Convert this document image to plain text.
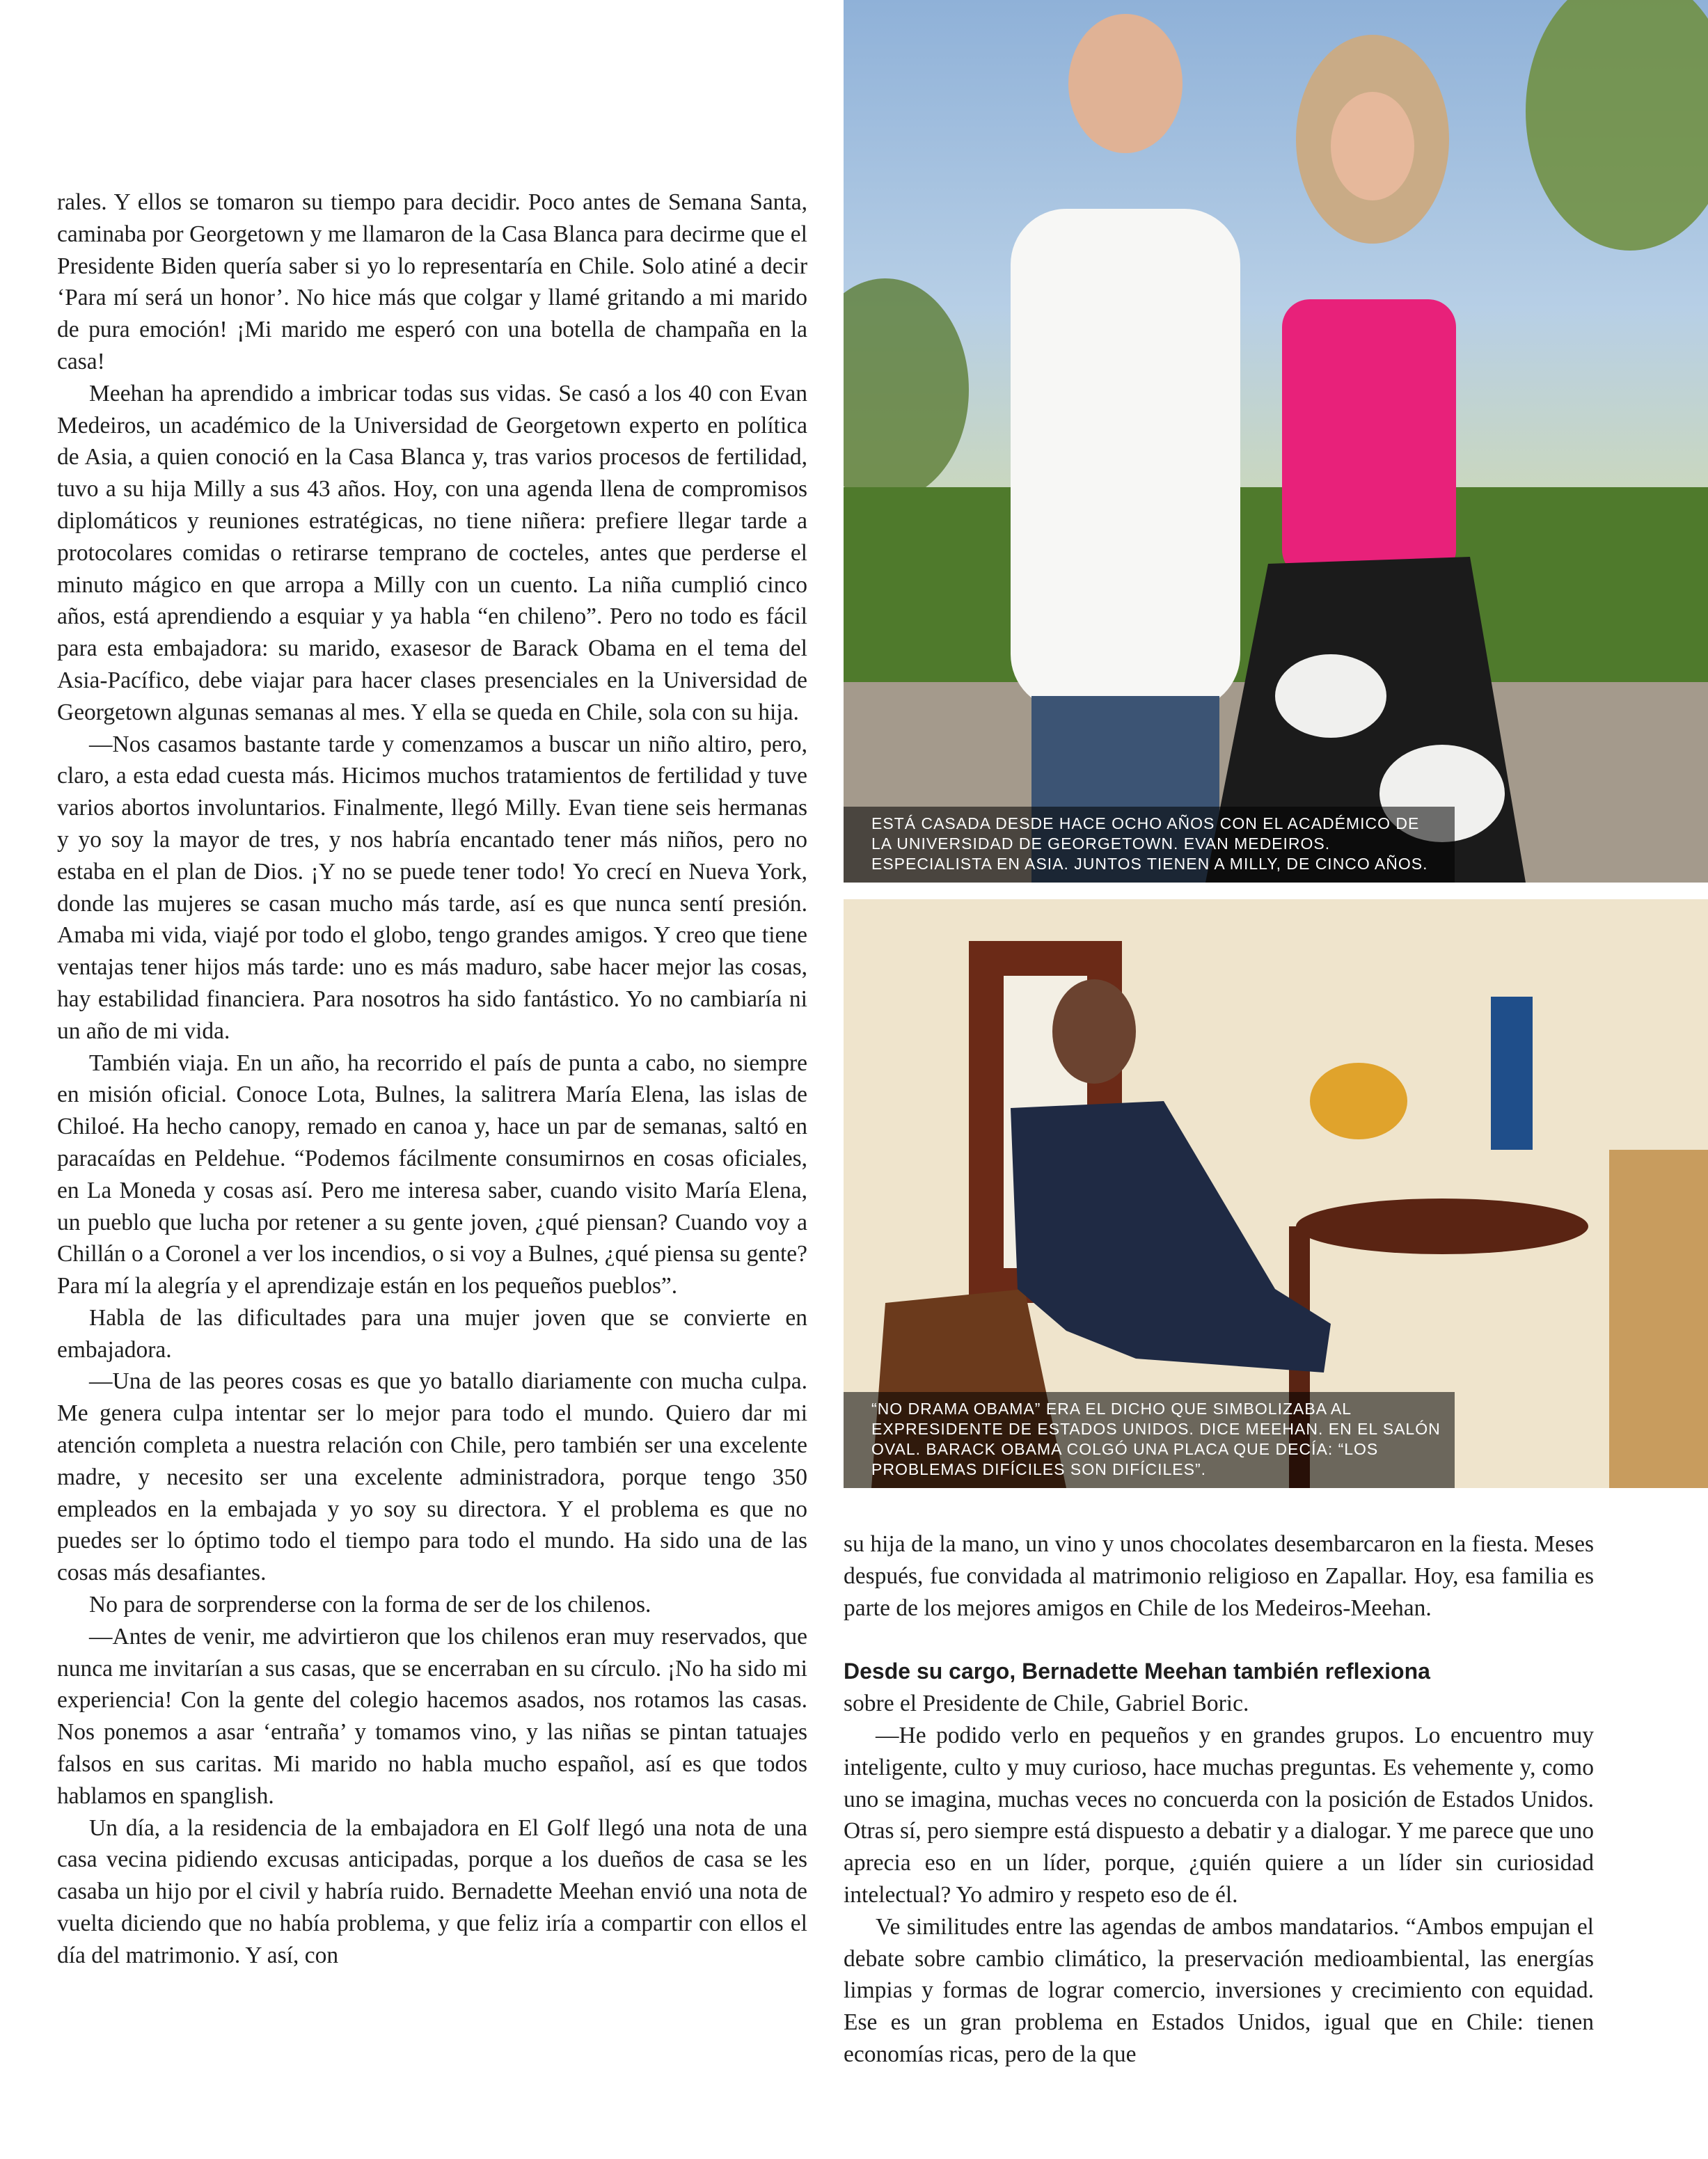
rales. Y ellos se tomaron su tiempo para decidir. Poco antes de Semana Santa, caminaba por Georgetown y me llamaron de la Casa Blanca para decirme que el Presidente Biden quería saber si yo lo representaría en Chile. Solo atiné a decir ‘Para mí será un honor’. No hice más que colgar y llamé gritando a mi marido de pura emoción! ¡Mi marido me esperó con una botella de champaña en la casa!

Meehan ha aprendido a imbricar todas sus vidas. Se casó a los 40 con Evan Medeiros, un académico de la Universidad de Georgetown experto en política de Asia, a quien conoció en la Casa Blanca y, tras varios procesos de fertilidad, tuvo a su hija Milly a sus 43 años. Hoy, con una agenda llena de compromisos diplomáticos y reuniones estratégicas, no tiene niñera: prefiere llegar tarde a protocolares comidas o retirarse temprano de cocteles, antes que perderse el minuto mágico en que arropa a Milly con un cuento. La niña cumplió cinco años, está aprendiendo a esquiar y ya habla “en chileno”. Pero no todo es fácil para esta embajadora: su marido, exasesor de Barack Obama en el tema del Asia-Pacífico, debe viajar para hacer clases presenciales en la Universidad de Georgetown algunas semanas al mes. Y ella se queda en Chile, sola con su hija.

—Nos casamos bastante tarde y comenzamos a buscar un niño altiro, pero, claro, a esta edad cuesta más. Hicimos muchos tratamientos de fertilidad y tuve varios abortos involuntarios. Finalmente, llegó Milly. Evan tiene seis hermanas y yo soy la mayor de tres, y nos habría encantado tener más niños, pero no estaba en el plan de Dios. ¡Y no se puede tener todo! Yo crecí en Nueva York, donde las mujeres se casan mucho más tarde, así es que nunca sentí presión. Amaba mi vida, viajé por todo el globo, tengo grandes amigos. Y creo que tiene ventajas tener hijos más tarde: uno es más maduro, sabe hacer mejor las cosas, hay estabilidad financiera. Para nosotros ha sido fantástico. Yo no cambiaría ni un año de mi vida.

También viaja. En un año, ha recorrido el país de punta a cabo, no siempre en misión oficial. Conoce Lota, Bulnes, la salitrera María Elena, las islas de Chiloé. Ha hecho canopy, remado en canoa y, hace un par de semanas, saltó en paracaídas en Peldehue. “Podemos fácilmente consumirnos en cosas oficiales, en La Moneda y cosas así. Pero me interesa saber, cuando visito María Elena, un pueblo que lucha por retener a su gente joven, ¿qué piensan? Cuando voy a Chillán o a Coronel a ver los incendios, o si voy a Bulnes, ¿qué piensa su gente? Para mí la alegría y el aprendizaje están en los pequeños pueblos”.

Habla de las dificultades para una mujer joven que se convierte en embajadora.

—Una de las peores cosas es que yo batallo diariamente con mucha culpa. Me genera culpa intentar ser lo mejor para todo el mundo. Quiero dar mi atención completa a nuestra relación con Chile, pero también ser una excelente madre, y necesito ser una excelente administradora, porque tengo 350 empleados en la embajada y yo soy su directora. Y el problema es que no puedes ser lo óptimo todo el tiempo para todo el mundo. Ha sido una de las cosas más desafiantes.

No para de sorprenderse con la forma de ser de los chilenos.

—Antes de venir, me advirtieron que los chilenos eran muy reservados, que nunca me invitarían a sus casas, que se encerraban en su círculo. ¡No ha sido mi experiencia! Con la gente del colegio hacemos asados, nos rotamos las casas. Nos ponemos a asar ‘entraña’ y tomamos vino, y las niñas se pintan tatuajes falsos en sus caritas. Mi marido no habla mucho español, así es que todos hablamos en spanglish.

Un día, a la residencia de la embajadora en El Golf llegó una nota de una casa vecina pidiendo excusas anticipadas, porque a los dueños de casa se les casaba un hijo por el civil y habría ruido. Bernadette Meehan envió una nota de vuelta diciendo que no había problema, y que feliz iría a compartir con ellos el día del matrimonio. Y así, con

ESTÁ CASADA DESDE HACE OCHO AÑOS CON EL ACADÉMICO DE LA UNIVERSIDAD DE GEORGETOWN. EVAN MEDEIROS. ESPECIALISTA EN ASIA. JUNTOS TIENEN A MILLY, DE CINCO AÑOS.
“NO DRAMA OBAMA” ERA EL DICHO QUE SIMBOLIZABA AL EXPRESIDENTE DE ESTADOS UNIDOS. DICE MEEHAN. EN EL SALÓN OVAL. BARACK OBAMA COLGÓ UNA PLACA QUE DECÍA: “LOS PROBLEMAS DIFÍCILES SON DIFÍCILES”.

su hija de la mano, un vino y unos chocolates desembarcaron en la fiesta. Meses después, fue convidada al matrimonio religioso en Zapallar. Hoy, esa familia es parte de los mejores amigos en Chile de los Medeiros-Meehan.

Desde su cargo, Bernadette Meehan también reflexiona
sobre el Presidente de Chile, Gabriel Boric.

—He podido verlo en pequeños y en grandes grupos. Lo encuentro muy inteligente, culto y muy curioso, hace muchas preguntas. Es vehemente y, como uno se imagina, muchas veces no concuerda con la posición de Estados Unidos. Otras sí, pero siempre está dispuesto a debatir y a dialogar. Y me parece que uno aprecia eso en un líder, porque, ¿quién quiere a un líder sin curiosidad intelectual? Yo admiro y respeto eso de él.

Ve similitudes entre las agendas de ambos mandatarios. “Ambos empujan el debate sobre cambio climático, la preservación medioambiental, las energías limpias y formas de lograr comercio, inversiones y crecimiento con equidad. Ese es un gran problema en Estados Unidos, igual que en Chile: tienen economías ricas, pero de la que
